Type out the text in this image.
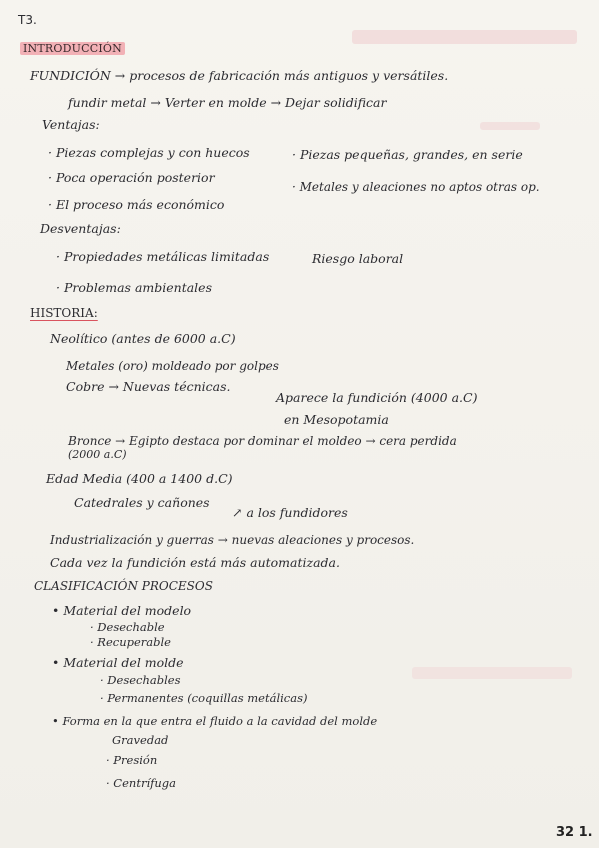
T3.
INTRODUCCIÓN
FUNDICIÓN → procesos de fabricación más antiguos y versátiles.
fundir metal → Verter en molde → Dejar solidificar
Ventajas:
· Piezas complejas y con huecos
· Poca operación posterior
· El proceso más económico
· Piezas pequeñas, grandes, en serie
· Metales y aleaciones no aptos otras op.
Desventajas:
· Propiedades metálicas limitadas	Riesgo laboral
· Problemas ambientales
HISTORIA:
Neolítico (antes de 6000 a.C)
Metales (oro) moldeado por golpes
Cobre → Nuevas técnicas.
Aparece la fundición (4000 a.C)
en Mesopotamia
Bronce → Egipto destaca por dominar el moldeo → cera perdida
(2000 a.C)
Edad Media (400 a 1400 d.C)
Catedrales y cañones
↗ a los fundidores
Industrialización y guerras → nuevas aleaciones y procesos.
Cada vez la fundición está más automatizada.
CLASIFICACIÓN PROCESOS
• Material del modelo
· Desechable
· Recuperable
• Material del molde
· Desechables
· Permanentes (coquillas metálicas)
• Forma en la que entra el fluido a la cavidad del molde
Gravedad
· Presión
· Centrífuga
32 1.
